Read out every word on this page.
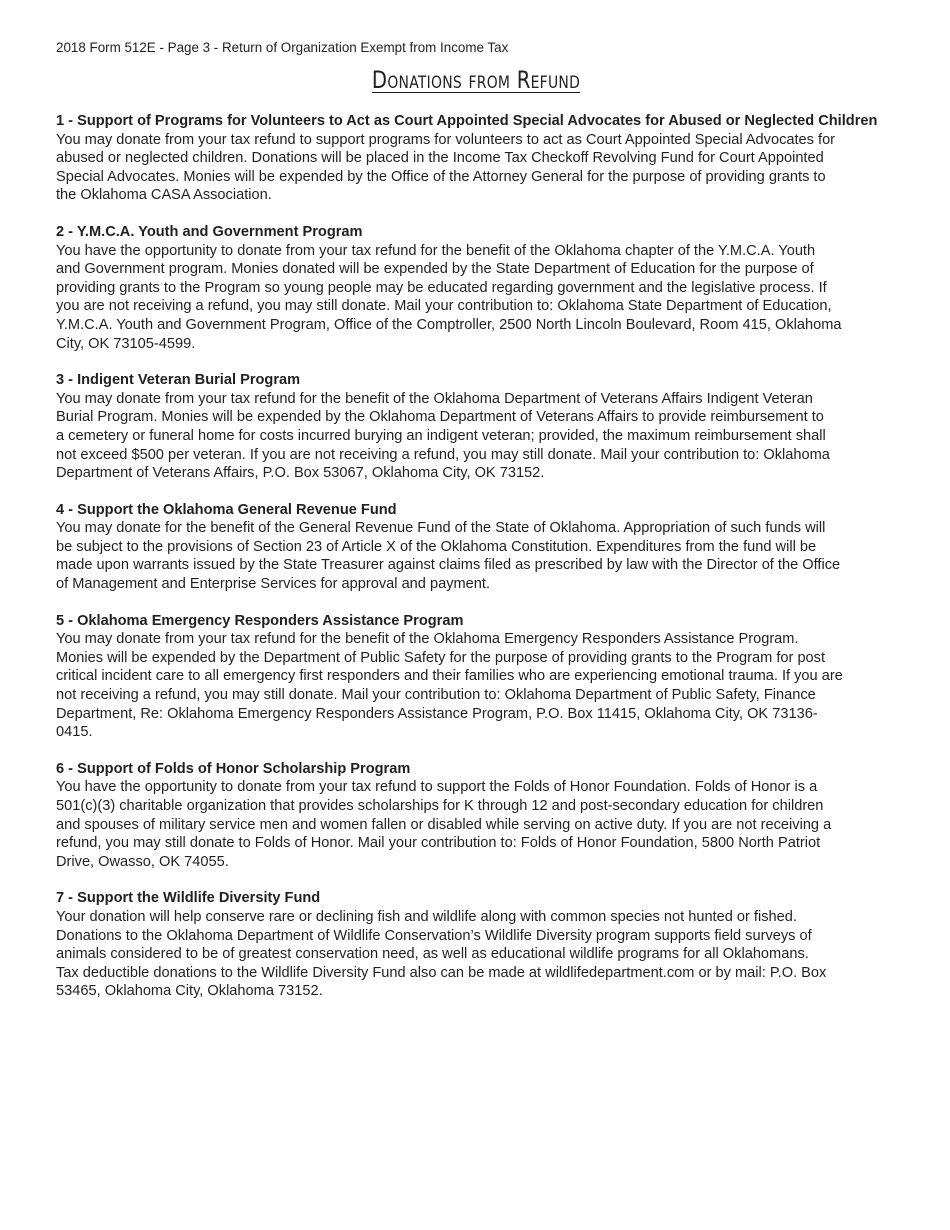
2018 Form 512E - Page 3 - Return of Organization Exempt from Income Tax
Donations from Refund

1 - Support of Programs for Volunteers to Act as Court Appointed Special Advocates for Abused or Neglected Children

You may donate from your tax refund to support programs for volunteers to act as Court Appointed Special Advocates for
abused or neglected children. Donations will be placed in the Income Tax Checkoff Revolving Fund for Court Appointed
Special Advocates. Monies will be expended by the Office of the Attorney General for the purpose of providing grants to
the Oklahoma CASA Association.

2 - Y.M.C.A. Youth and Government Program

You have the opportunity to donate from your tax refund for the benefit of the Oklahoma chapter of the Y.M.C.A. Youth
and Government program. Monies donated will be expended by the State Department of Education for the purpose of
providing grants to the Program so young people may be educated regarding government and the legislative process. If
you are not receiving a refund, you may still donate. Mail your contribution to: Oklahoma State Department of Education,
Y.M.C.A. Youth and Government Program, Office of the Comptroller, 2500 North Lincoln Boulevard, Room 415, Oklahoma
City, OK 73105-4599.

3 - Indigent Veteran Burial Program

You may donate from your tax refund for the benefit of the Oklahoma Department of Veterans Affairs Indigent Veteran
Burial Program. Monies will be expended by the Oklahoma Department of Veterans Affairs to provide reimbursement to
a cemetery or funeral home for costs incurred burying an indigent veteran; provided, the maximum reimbursement shall
not exceed $500 per veteran. If you are not receiving a refund, you may still donate. Mail your contribution to: Oklahoma
Department of Veterans Affairs, P.O. Box 53067, Oklahoma City, OK 73152.

4 - Support the Oklahoma General Revenue Fund

You may donate for the benefit of the General Revenue Fund of the State of Oklahoma. Appropriation of such funds will
be subject to the provisions of Section 23 of Article X of the Oklahoma Constitution. Expenditures from the fund will be
made upon warrants issued by the State Treasurer against claims filed as prescribed by law with the Director of the Office
of Management and Enterprise Services for approval and payment.

5 - Oklahoma Emergency Responders Assistance Program

You may donate from your tax refund for the benefit of the Oklahoma Emergency Responders Assistance Program.
Monies will be expended by the Department of Public Safety for the purpose of providing grants to the Program for post
critical incident care to all emergency first responders and their families who are experiencing emotional trauma. If you are
not receiving a refund, you may still donate. Mail your contribution to: Oklahoma Department of Public Safety, Finance
Department, Re: Oklahoma Emergency Responders Assistance Program, P.O. Box 11415, Oklahoma City, OK 73136-
0415.

6 - Support of Folds of Honor Scholarship Program

You have the opportunity to donate from your tax refund to support the Folds of Honor Foundation. Folds of Honor is a
501(c)(3) charitable organization that provides scholarships for K through 12 and post-secondary education for children
and spouses of military service men and women fallen or disabled while serving on active duty. If you are not receiving a
refund, you may still donate to Folds of Honor. Mail your contribution to: Folds of Honor Foundation, 5800 North Patriot
Drive, Owasso, OK 74055.

7 - Support the Wildlife Diversity Fund

Your donation will help conserve rare or declining fish and wildlife along with common species not hunted or fished.
Donations to the Oklahoma Department of Wildlife Conservation’s Wildlife Diversity program supports field surveys of
animals considered to be of greatest conservation need, as well as educational wildlife programs for all Oklahomans.
Tax deductible donations to the Wildlife Diversity Fund also can be made at wildlifedepartment.com or by mail: P.O. Box
53465, Oklahoma City, Oklahoma 73152.
